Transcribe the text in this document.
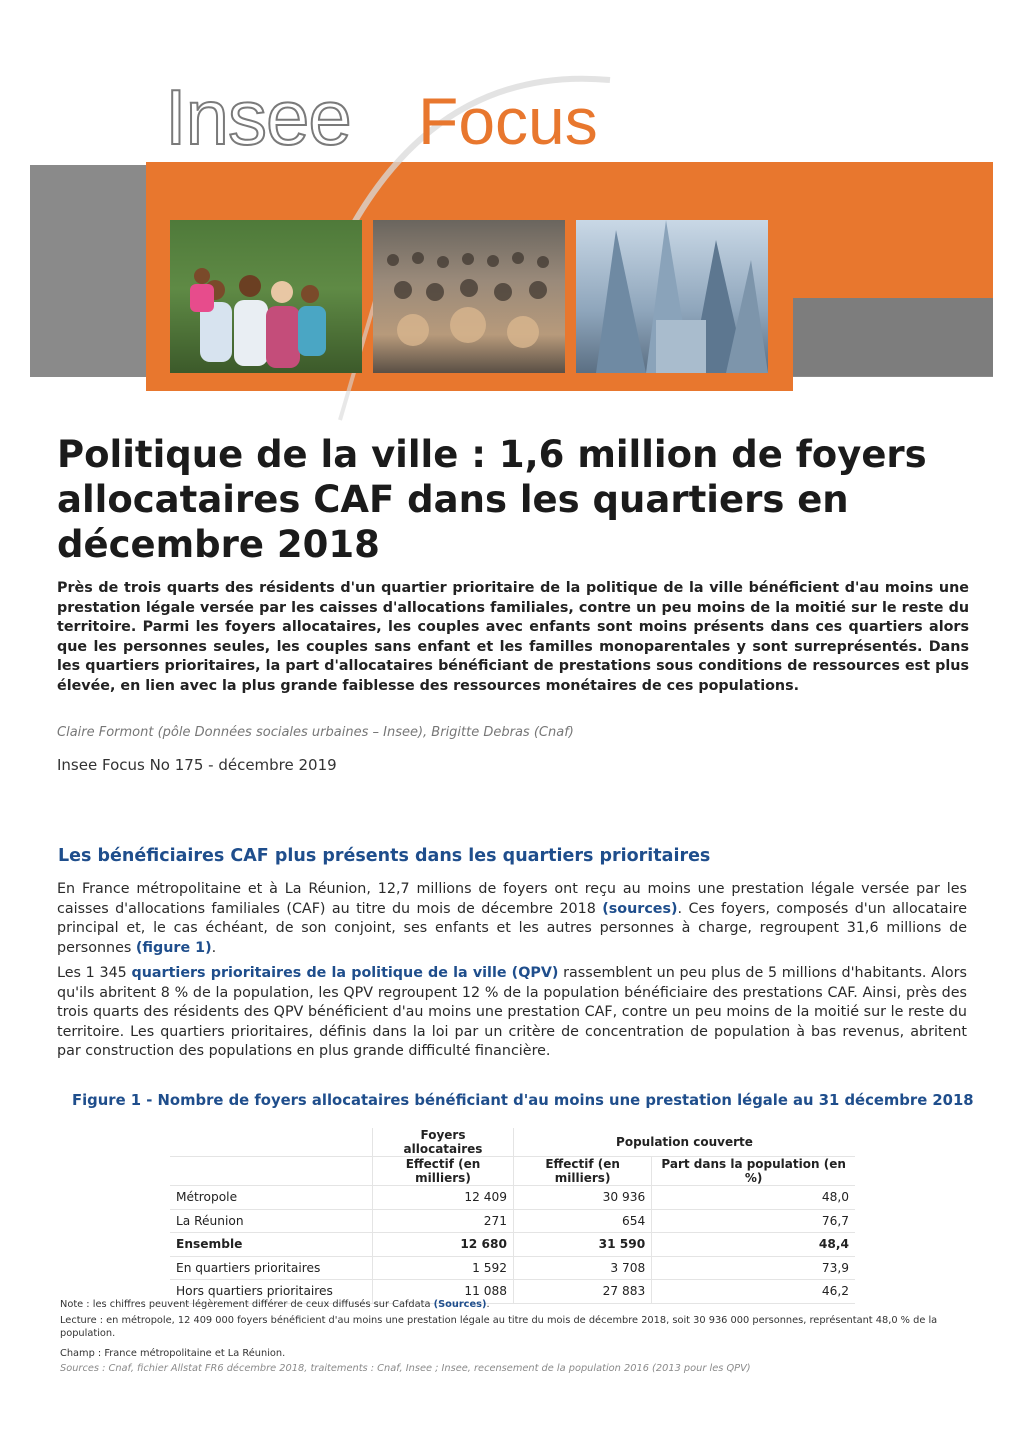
Insee Focus
Politique de la ville : 1,6 million de foyers allocataires CAF dans les quartiers en décembre 2018

Près de trois quarts des résidents d'un quartier prioritaire de la politique de la ville bénéficient d'au moins une prestation légale versée par les caisses d'allocations familiales, contre un peu moins de la moitié sur le reste du territoire. Parmi les foyers allocataires, les couples avec enfants sont moins présents dans ces quartiers alors que les personnes seules, les couples sans enfant et les familles monoparentales y sont surreprésentés. Dans les quartiers prioritaires, la part d'allocataires bénéficiant de prestations sous conditions de ressources est plus élevée, en lien avec la plus grande faiblesse des ressources monétaires de ces populations.

Claire Formont (pôle Données sociales urbaines – Insee), Brigitte Debras (Cnaf)
Insee Focus No 175 - décembre 2019
Les bénéficiaires CAF plus présents dans les quartiers prioritaires

En France métropolitaine et à La Réunion, 12,7 millions de foyers ont reçu au moins une prestation légale versée par les caisses d'allocations familiales (CAF) au titre du mois de décembre 2018 (sources). Ces foyers, composés d'un allocataire principal et, le cas échéant, de son conjoint, ses enfants et les autres personnes à charge, regroupent 31,6 millions de personnes (figure 1).

Les 1 345 quartiers prioritaires de la politique de la ville (QPV) rassemblent un peu plus de 5 millions d'habitants. Alors qu'ils abritent 8 % de la population, les QPV regroupent 12 % de la population bénéficiaire des prestations CAF. Ainsi, près des trois quarts des résidents des QPV bénéficient d'au moins une prestation CAF, contre un peu moins de la moitié sur le reste du territoire. Les quartiers prioritaires, définis dans la loi par un critère de concentration de population à bas revenus, abritent par construction des populations en plus grande difficulté financière.

Figure 1 - Nombre de foyers allocataires bénéficiant d'au moins une prestation légale au 31 décembre 2018
	Foyers allocataires	Population couverte	
	Effectif (en milliers)	Effectif (en milliers)	Part dans la population (en %)
Métropole	12 409	30 936	48,0
La Réunion	271	654	76,7
Ensemble	12 680	31 590	48,4
En quartiers prioritaires	1 592	3 708	73,9
Hors quartiers prioritaires	11 088	27 883	46,2

Note : les chiffres peuvent légèrement différer de ceux diffusés sur Cafdata (Sources).

Lecture : en métropole, 12 409 000 foyers bénéficient d'au moins une prestation légale au titre du mois de décembre 2018, soit 30 936 000 personnes, représentant 48,0 % de la population.

Champ : France métropolitaine et La Réunion.

Sources : Cnaf, fichier Allstat FR6 décembre 2018, traitements : Cnaf, Insee ; Insee, recensement de la population 2016 (2013 pour les QPV)
